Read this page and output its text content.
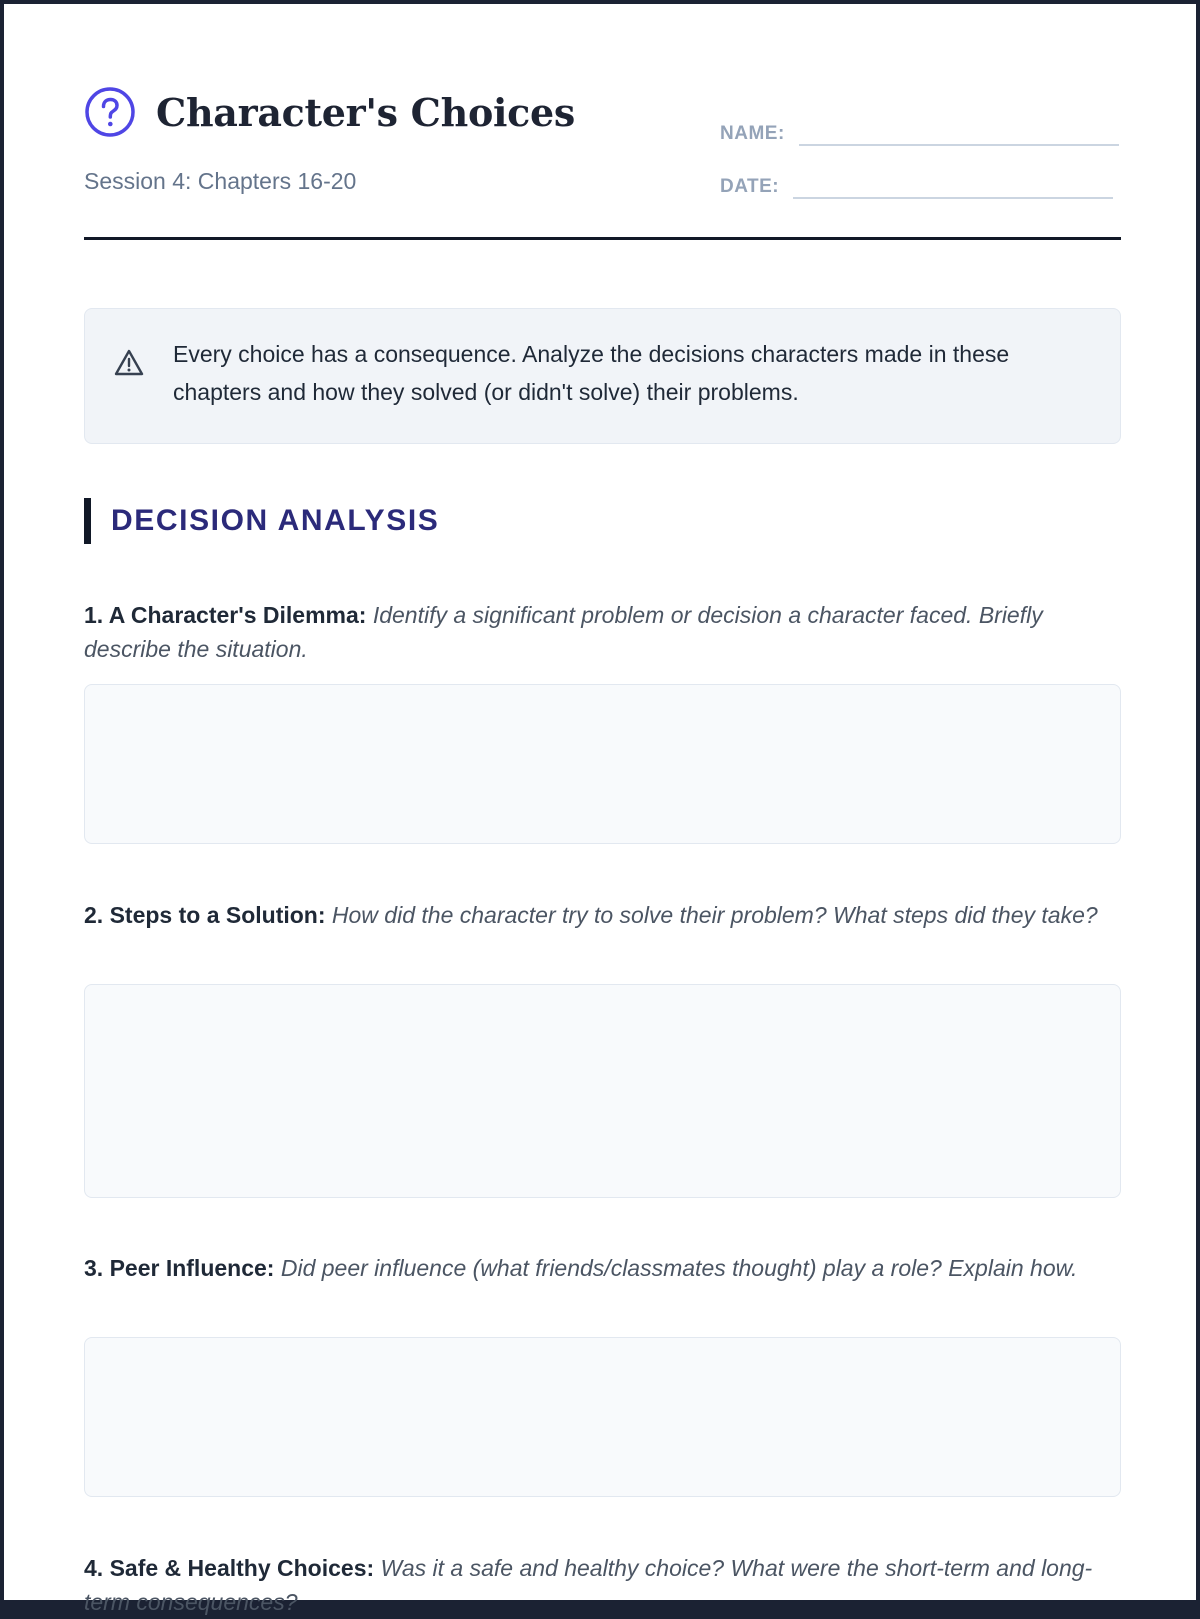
Character's Choices
Session 4: Chapters 16-20
NAME:
DATE:
Every choice has a consequence. Analyze the decisions characters made in these chapters and how they solved (or didn't solve) their problems.
DECISION ANALYSIS
1. A Character's Dilemma: Identify a significant problem or decision a character faced. Briefly describe the situation.
2. Steps to a Solution: How did the character try to solve their problem? What steps did they take?
3. Peer Influence: Did peer influence (what friends/classmates thought) play a role? Explain how.
4. Safe & Healthy Choices: Was it a safe and healthy choice? What were the short-term and long-term consequences?
